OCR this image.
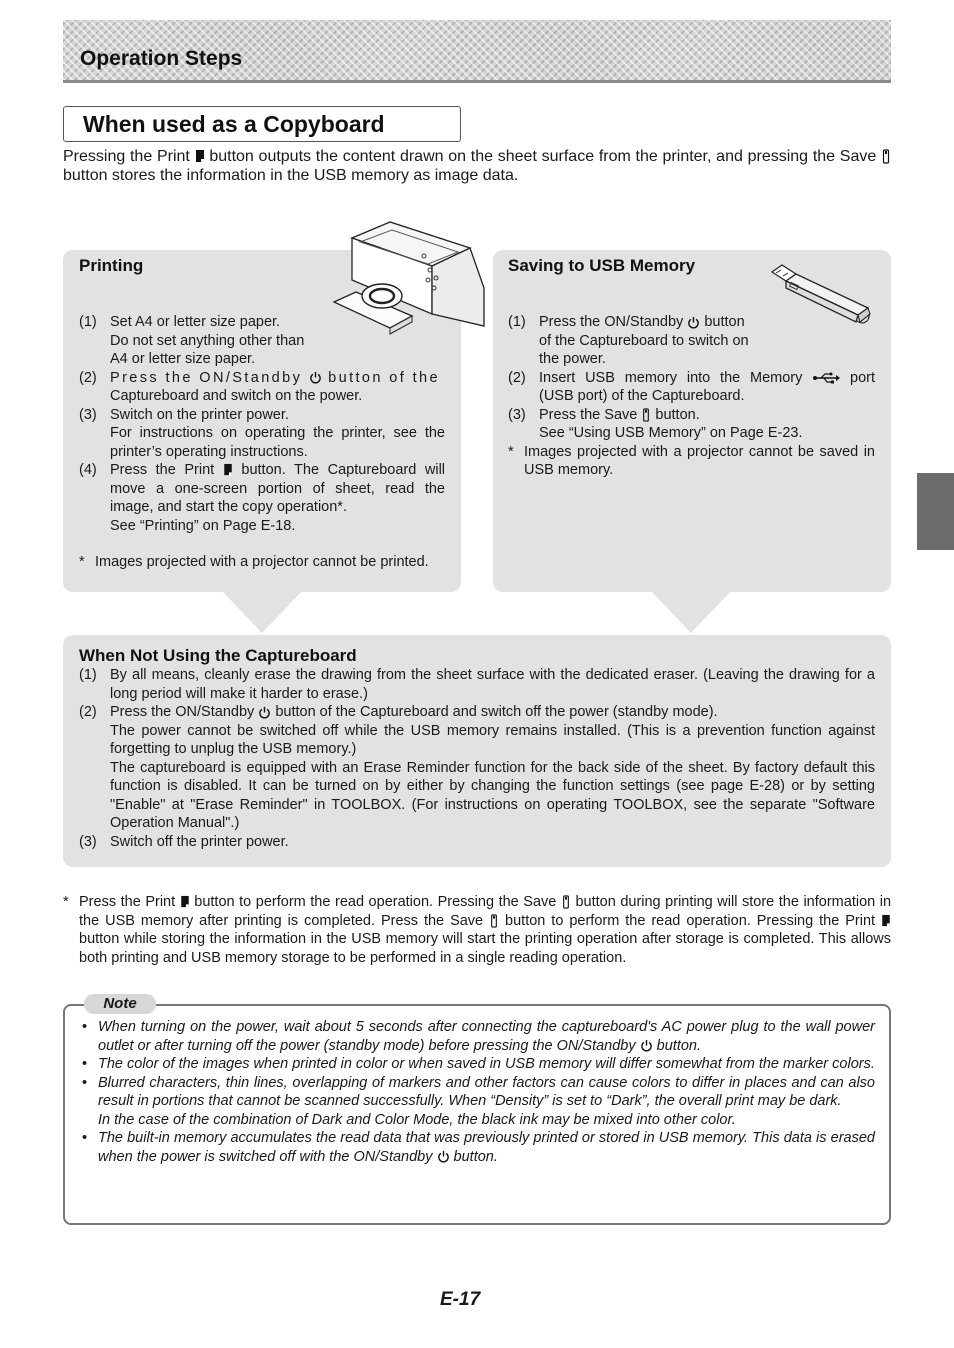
Operation Steps
When used as a Copyboard
Pressing the Print button outputs the content drawn on the sheet surface from the printer, and pressing the Save  button stores the information in the USB memory as image data.
Printing
(1) Set A4 or letter size paper.
Do not set anything other than
A4 or letter size paper.
(2) Press the ON/Standby button of the
Captureboard and switch on the power.
(3) Switch on the printer power.
For instructions on operating the printer, see the printer’s operating instructions.
(4) Press the Print button. The Captureboard will move a one-screen portion of sheet, read the image, and start the copy operation*.
See “Printing” on Page E-18.
* Images projected with a projector cannot be printed.
Saving to USB Memory
(1) Press the ON/Standby button
of the Captureboard to switch on
the power.
(2) Insert USB memory into the Memory	port
(USB port) of the Captureboard.
(3) Press the Save button.
See “Using USB Memory” on Page E-23.
* Images projected with a projector cannot be saved in USB memory.
When Not Using the Captureboard
(1) By all means, cleanly erase the drawing from the sheet surface with the dedicated eraser. (Leaving the drawing for a long period will make it harder to erase.)
(2) Press the ON/Standby button of the Captureboard and switch off the power (standby mode).
The power cannot be switched off while the USB memory remains installed. (This is a prevention function against forgetting to unplug the USB memory.)
The captureboard is equipped with an Erase Reminder function for the back side of the sheet. By factory default this function is disabled. It can be turned on by either by changing the function settings (see page E-28) or by setting "Enable" at "Erase Reminder" in TOOLBOX. (For instructions on operating TOOLBOX, see the separate "Software Operation Manual".)
(3) Switch off the printer power.
* Press the Print button to perform the read operation. Pressing the Save button during printing will store the information in the USB memory after printing is completed. Press the Save button to perform the read operation. Pressing the Print  button while storing the information in the USB memory will start the printing operation after storage is completed. This allows both printing and USB memory storage to be performed in a single reading operation.
Note
• When turning on the power, wait about 5 seconds after connecting the captureboard's AC power plug to the wall power outlet or after turning off the power (standby mode) before pressing the ON/Standby button.
• The color of the images when printed in color or when saved in USB memory will differ somewhat from the marker colors.
• Blurred characters, thin lines, overlapping of markers and other factors can cause colors to differ in places and can also result in portions that cannot be scanned successfully. When “Density” is set to “Dark”, the overall print may be dark.
In the case of the combination of Dark and Color Mode, the black ink may be mixed into other color.
• The built-in memory accumulates the read data that was previously printed or stored in USB memory. This data is erased when the power is switched off with the ON/Standby button.
E-17
